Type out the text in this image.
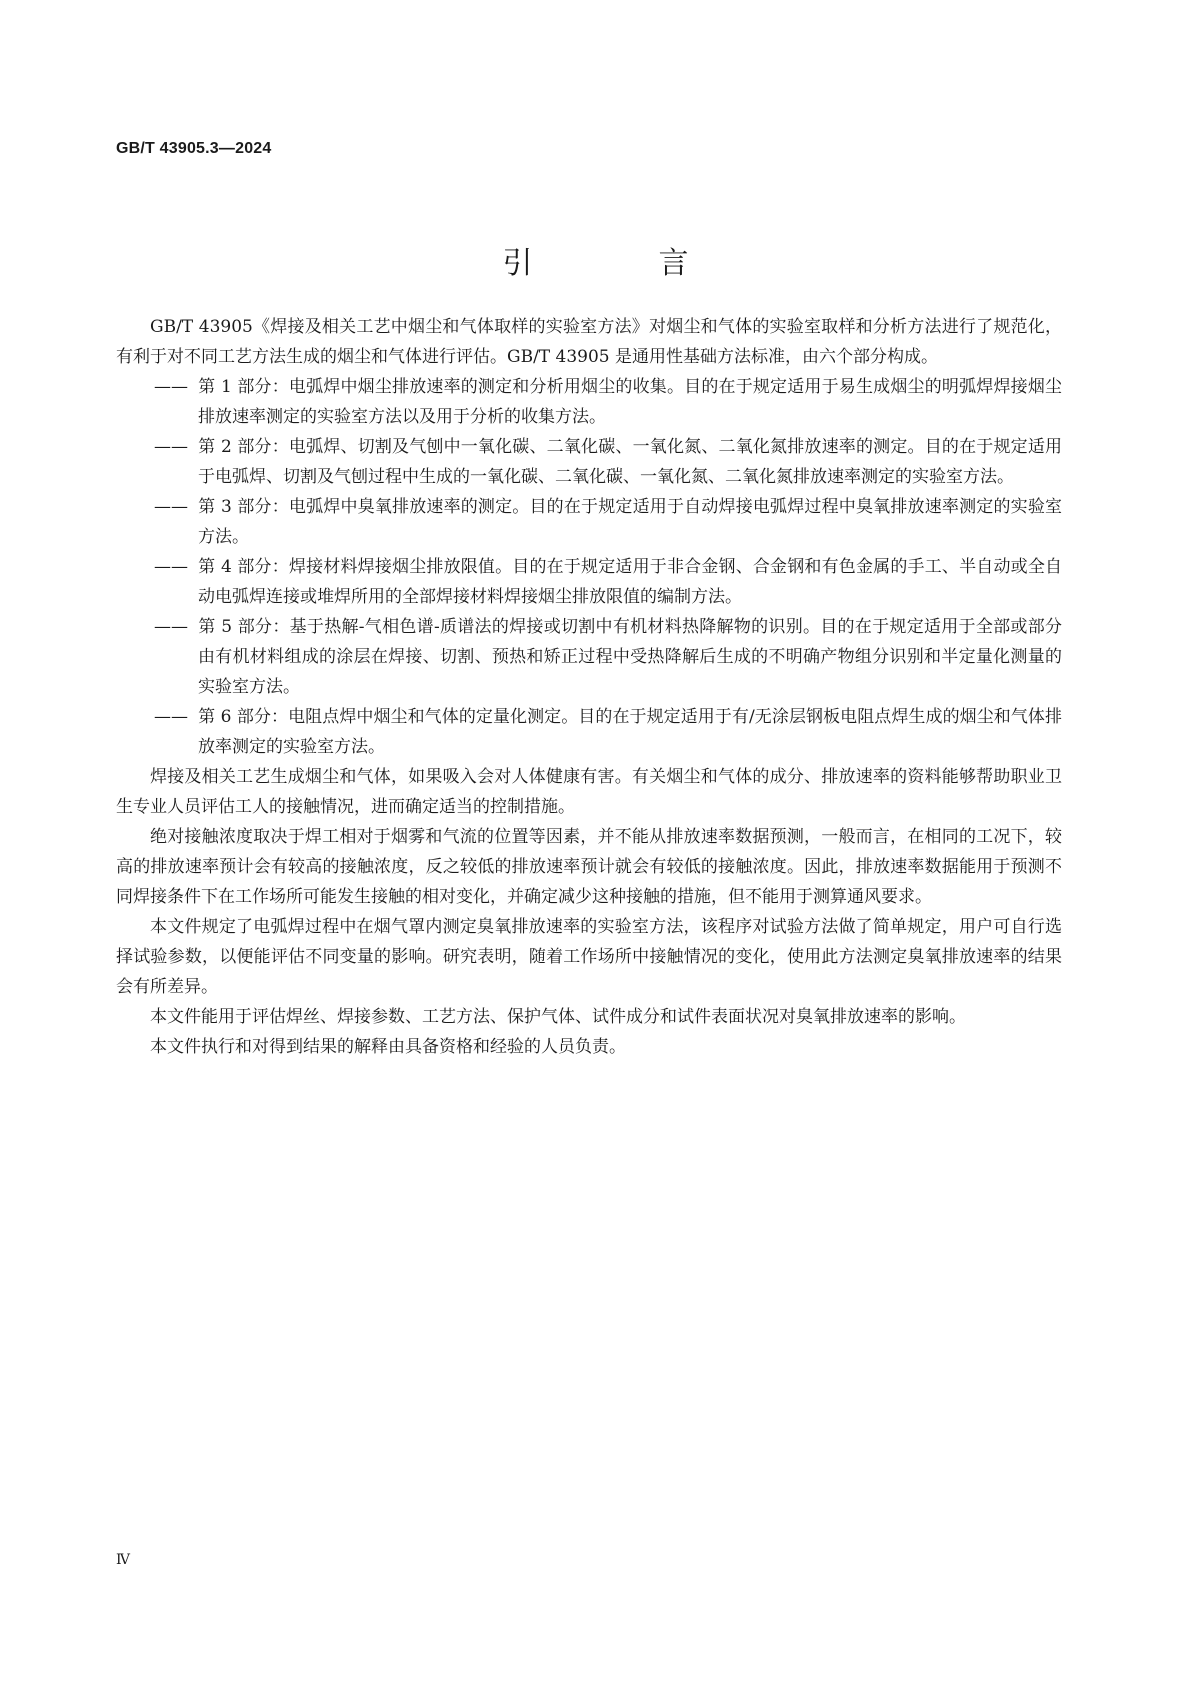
GB/T 43905.3—2024
引　言

GB/T 43905《焊接及相关工艺中烟尘和气体取样的实验室方法》对烟尘和气体的实验室取样和分析方法进行了规范化，有利于对不同工艺方法生成的烟尘和气体进行评估。GB/T 43905 是通用性基础方法标准，由六个部分构成。

—— 第 1 部分：电弧焊中烟尘排放速率的测定和分析用烟尘的收集。目的在于规定适用于易生成烟尘的明弧焊焊接烟尘排放速率测定的实验室方法以及用于分析的收集方法。
—— 第 2 部分：电弧焊、切割及气刨中一氧化碳、二氧化碳、一氧化氮、二氧化氮排放速率的测定。目的在于规定适用于电弧焊、切割及气刨过程中生成的一氧化碳、二氧化碳、一氧化氮、二氧化氮排放速率测定的实验室方法。
—— 第 3 部分：电弧焊中臭氧排放速率的测定。目的在于规定适用于自动焊接电弧焊过程中臭氧排放速率测定的实验室方法。
—— 第 4 部分：焊接材料焊接烟尘排放限值。目的在于规定适用于非合金钢、合金钢和有色金属的手工、半自动或全自动电弧焊连接或堆焊所用的全部焊接材料焊接烟尘排放限值的编制方法。
—— 第 5 部分：基于热解-气相色谱-质谱法的焊接或切割中有机材料热降解物的识别。目的在于规定适用于全部或部分由有机材料组成的涂层在焊接、切割、预热和矫正过程中受热降解后生成的不明确产物组分识别和半定量化测量的实验室方法。
—— 第 6 部分：电阻点焊中烟尘和气体的定量化测定。目的在于规定适用于有/无涂层钢板电阻点焊生成的烟尘和气体排放率测定的实验室方法。

焊接及相关工艺生成烟尘和气体，如果吸入会对人体健康有害。有关烟尘和气体的成分、排放速率的资料能够帮助职业卫生专业人员评估工人的接触情况，进而确定适当的控制措施。

绝对接触浓度取决于焊工相对于烟雾和气流的位置等因素，并不能从排放速率数据预测，一般而言，在相同的工况下，较高的排放速率预计会有较高的接触浓度，反之较低的排放速率预计就会有较低的接触浓度。因此，排放速率数据能用于预测不同焊接条件下在工作场所可能发生接触的相对变化，并确定减少这种接触的措施，但不能用于测算通风要求。

本文件规定了电弧焊过程中在烟气罩内测定臭氧排放速率的实验室方法，该程序对试验方法做了简单规定，用户可自行选择试验参数，以便能评估不同变量的影响。研究表明，随着工作场所中接触情况的变化，使用此方法测定臭氧排放速率的结果会有所差异。

本文件能用于评估焊丝、焊接参数、工艺方法、保护气体、试件成分和试件表面状况对臭氧排放速率的影响。

本文件执行和对得到结果的解释由具备资格和经验的人员负责。

Ⅳ
